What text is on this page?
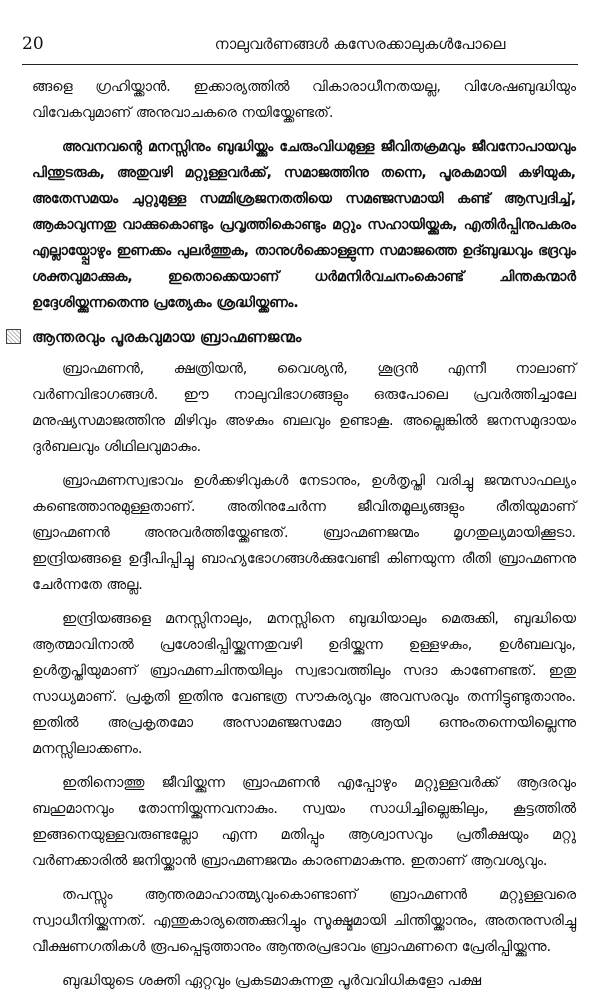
20	നാലുവർണങ്ങൾ കസേരക്കാലുകൾപോലെ

ങ്ങളെ ഗ്രഹിയ്ക്കാൻ. ഇക്കാര്യത്തിൽ വികാരാധീനതയല്ല, വിശേഷബുദ്ധിയും വിവേകവുമാണ് അനുവാചകരെ നയിയ്ക്കേണ്ടത്.

അവനവന്റെ മനസ്സിനും ബുദ്ധിയ്ക്കും ചേരുംവിധമുള്ള ജീവിതക്രമവും ജീവനോപായവും പിന്തുടരുക, അതുവഴി മറ്റുള്ളവർക്ക്, സമാജത്തിനു തന്നെ, പൂരകമായി കഴിയുക, അതേസമയം ചുറ്റുമുള്ള സമ്മിശ്രജനതതിയെ സമഞ്ജസമായി കണ്ട് ആസ്വദിച്ച്, ആകാവുന്നതു വാക്കുകൊണ്ടും പ്രവൃത്തികൊണ്ടും മറ്റും സഹായിയ്ക്കുക, എതിർപ്പിനുപകരം എല്ലായ്പ്പോഴും ഇണക്കം പുലർത്തുക, താനുൾക്കൊള്ളുന്ന സമാജത്തെ ഉദ്ബുദ്ധവും ഭദ്രവും ശക്തവുമാക്കുക, ഇതൊക്കെയാണ് ധർമനിർവചനംകൊണ്ട് ചിന്തകന്മാർ ഉദ്ദേശിയ്ക്കുന്നതെന്നു പ്രത്യേകം ശ്രദ്ധിയ്ക്കണം.

ആന്തരവും പൂരകവുമായ ബ്രാഹ്മണജന്മം

ബ്രാഹ്മണൻ, ക്ഷത്രിയൻ, വൈശ്യൻ, ശൂദ്രൻ എന്നീ നാലാണ് വർണവിഭാഗങ്ങൾ. ഈ നാലുവിഭാഗങ്ങളും ഒരുപോലെ പ്രവർത്തിച്ചാലേ മനുഷ്യസമാജത്തിനു മിഴിവും അഴകും ബലവും ഉണ്ടാകൂ. അല്ലെങ്കിൽ ജനസമുദായം ദുർബലവും ശിഥിലവുമാകും.

ബ്രാഹ്മണസ്വഭാവം ഉൾക്കഴിവുകൾ നേടാനും, ഉൾതൃപ്തി വരിച്ചു ജന്മസാഫല്യം കണ്ടെത്താനുമുള്ളതാണ്. അതിനുചേർന്ന ജീവിതമൂല്യങ്ങളും രീതിയുമാണ് ബ്രാഹ്മണൻ അനുവർത്തിയ്ക്കേണ്ടത്. ബ്രാഹ്മണജന്മം മൃഗതുല്യമായിക്കൂടാ. ഇന്ദ്രിയങ്ങളെ ഉദ്ദീപിപ്പിച്ചു ബാഹ്യഭോഗങ്ങൾക്കുവേണ്ടി കിണയുന്ന രീതി ബ്രാഹ്മണനു ചേർന്നതേ അല്ല.

ഇന്ദ്രിയങ്ങളെ മനസ്സിനാലും, മനസ്സിനെ ബുദ്ധിയാലും മെരുക്കി, ബുദ്ധിയെ ആത്മാവിനാൽ പ്രശോഭിപ്പിയ്ക്കുന്നതുവഴി ഉദിയ്ക്കുന്ന ഉള്ളഴകും, ഉൾബലവും, ഉൾതൃപ്തിയുമാണ് ബ്രാഹ്മണചിന്തയിലും സ്വഭാവത്തിലും സദാ കാണേണ്ടത്. ഇതു സാധ്യമാണ്. പ്രകൃതി ഇതിനു വേണ്ടത്ര സൗകര്യവും അവസരവും തന്നിട്ടുണ്ടുതാനും. ഇതിൽ അപ്രകൃതമോ അസാമഞ്ജസമോ ആയി ഒന്നുംതന്നെയില്ലെന്നു മനസ്സിലാക്കണം.

ഇതിനൊത്തു ജീവിയ്ക്കുന്ന ബ്രാഹ്മണൻ എപ്പോഴും മറ്റുള്ളവർക്ക് ആദരവും ബഹുമാനവും തോന്നിയ്ക്കുന്നവനാകും. സ്വയം സാധിച്ചില്ലെങ്കിലും, കൂട്ടത്തിൽ ഇങ്ങനെയുള്ളവരുണ്ടല്ലോ എന്ന മതിപ്പും ആശ്വാസവും പ്രതീക്ഷയും മറ്റു വർണക്കാരിൽ ജനിയ്ക്കാൻ ബ്രാഹ്മണജന്മം കാരണമാകുന്നു. ഇതാണ് ആവശ്യവും.

തപസ്സും ആന്തരമാഹാത്മ്യവുംകൊണ്ടാണ് ബ്രാഹ്മണൻ മറ്റുള്ളവരെ സ്വാധീനിയ്ക്കുന്നത്. എന്തുകാര്യത്തെക്കുറിച്ചും സൂക്ഷ്മമായി ചിന്തിയ്ക്കാനും, അതനുസരിച്ചു വീക്ഷണഗതികൾ രൂപപ്പെടുത്താനും ആന്തരപ്രഭാവം ബ്രാഹ്മണനെ പ്രേരിപ്പിയ്ക്കുന്നു.

ബുദ്ധിയുടെ ശക്തി ഏറ്റവും പ്രകടമാകുന്നതു പൂർവവിധികളോ പക്ഷ
